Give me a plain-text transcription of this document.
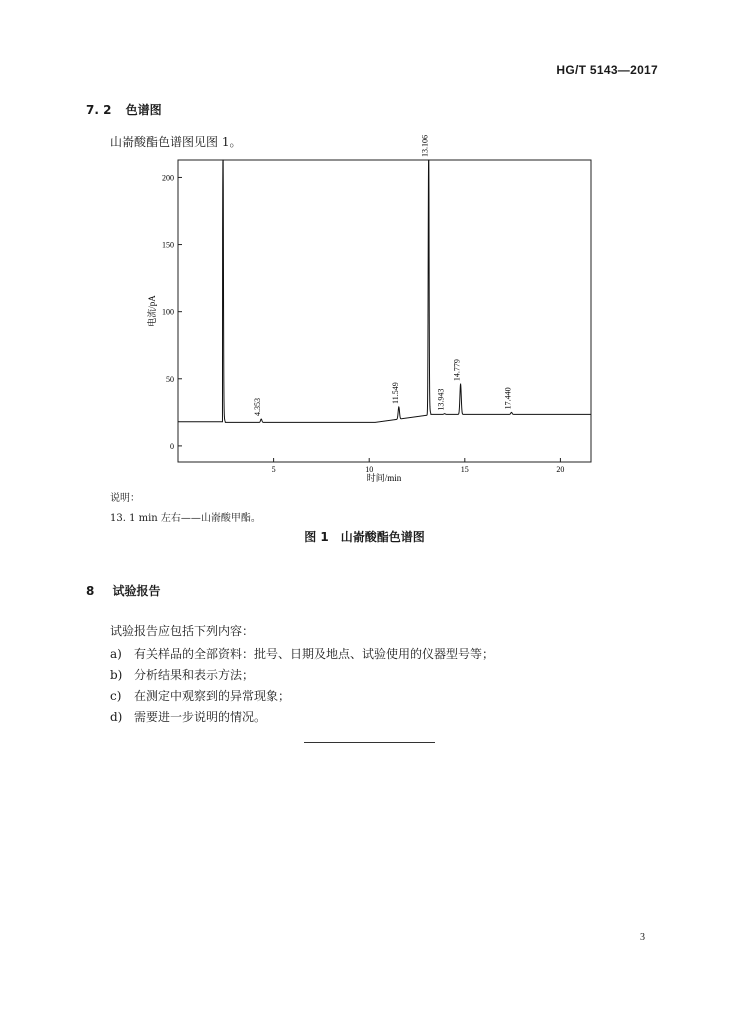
HG/T 5143—2017
7. 2 色谱图
山嵛酸酯色谱图见图 1。
5	10	15	20
0
50
100
150
200
4.353
11.549
13.106
13.943
14.779
17.440
时间/min
电流/pA
说明：
13. 1 min 左右——山嵛酸甲酯。
图 1 山嵛酸酯色谱图
8 试验报告
试验报告应包括下列内容：
a) 有关样品的全部资料：批号、日期及地点、试验使用的仪器型号等；
b) 分析结果和表示方法；
c) 在测定中观察到的异常现象；
d) 需要进一步说明的情况。
3
